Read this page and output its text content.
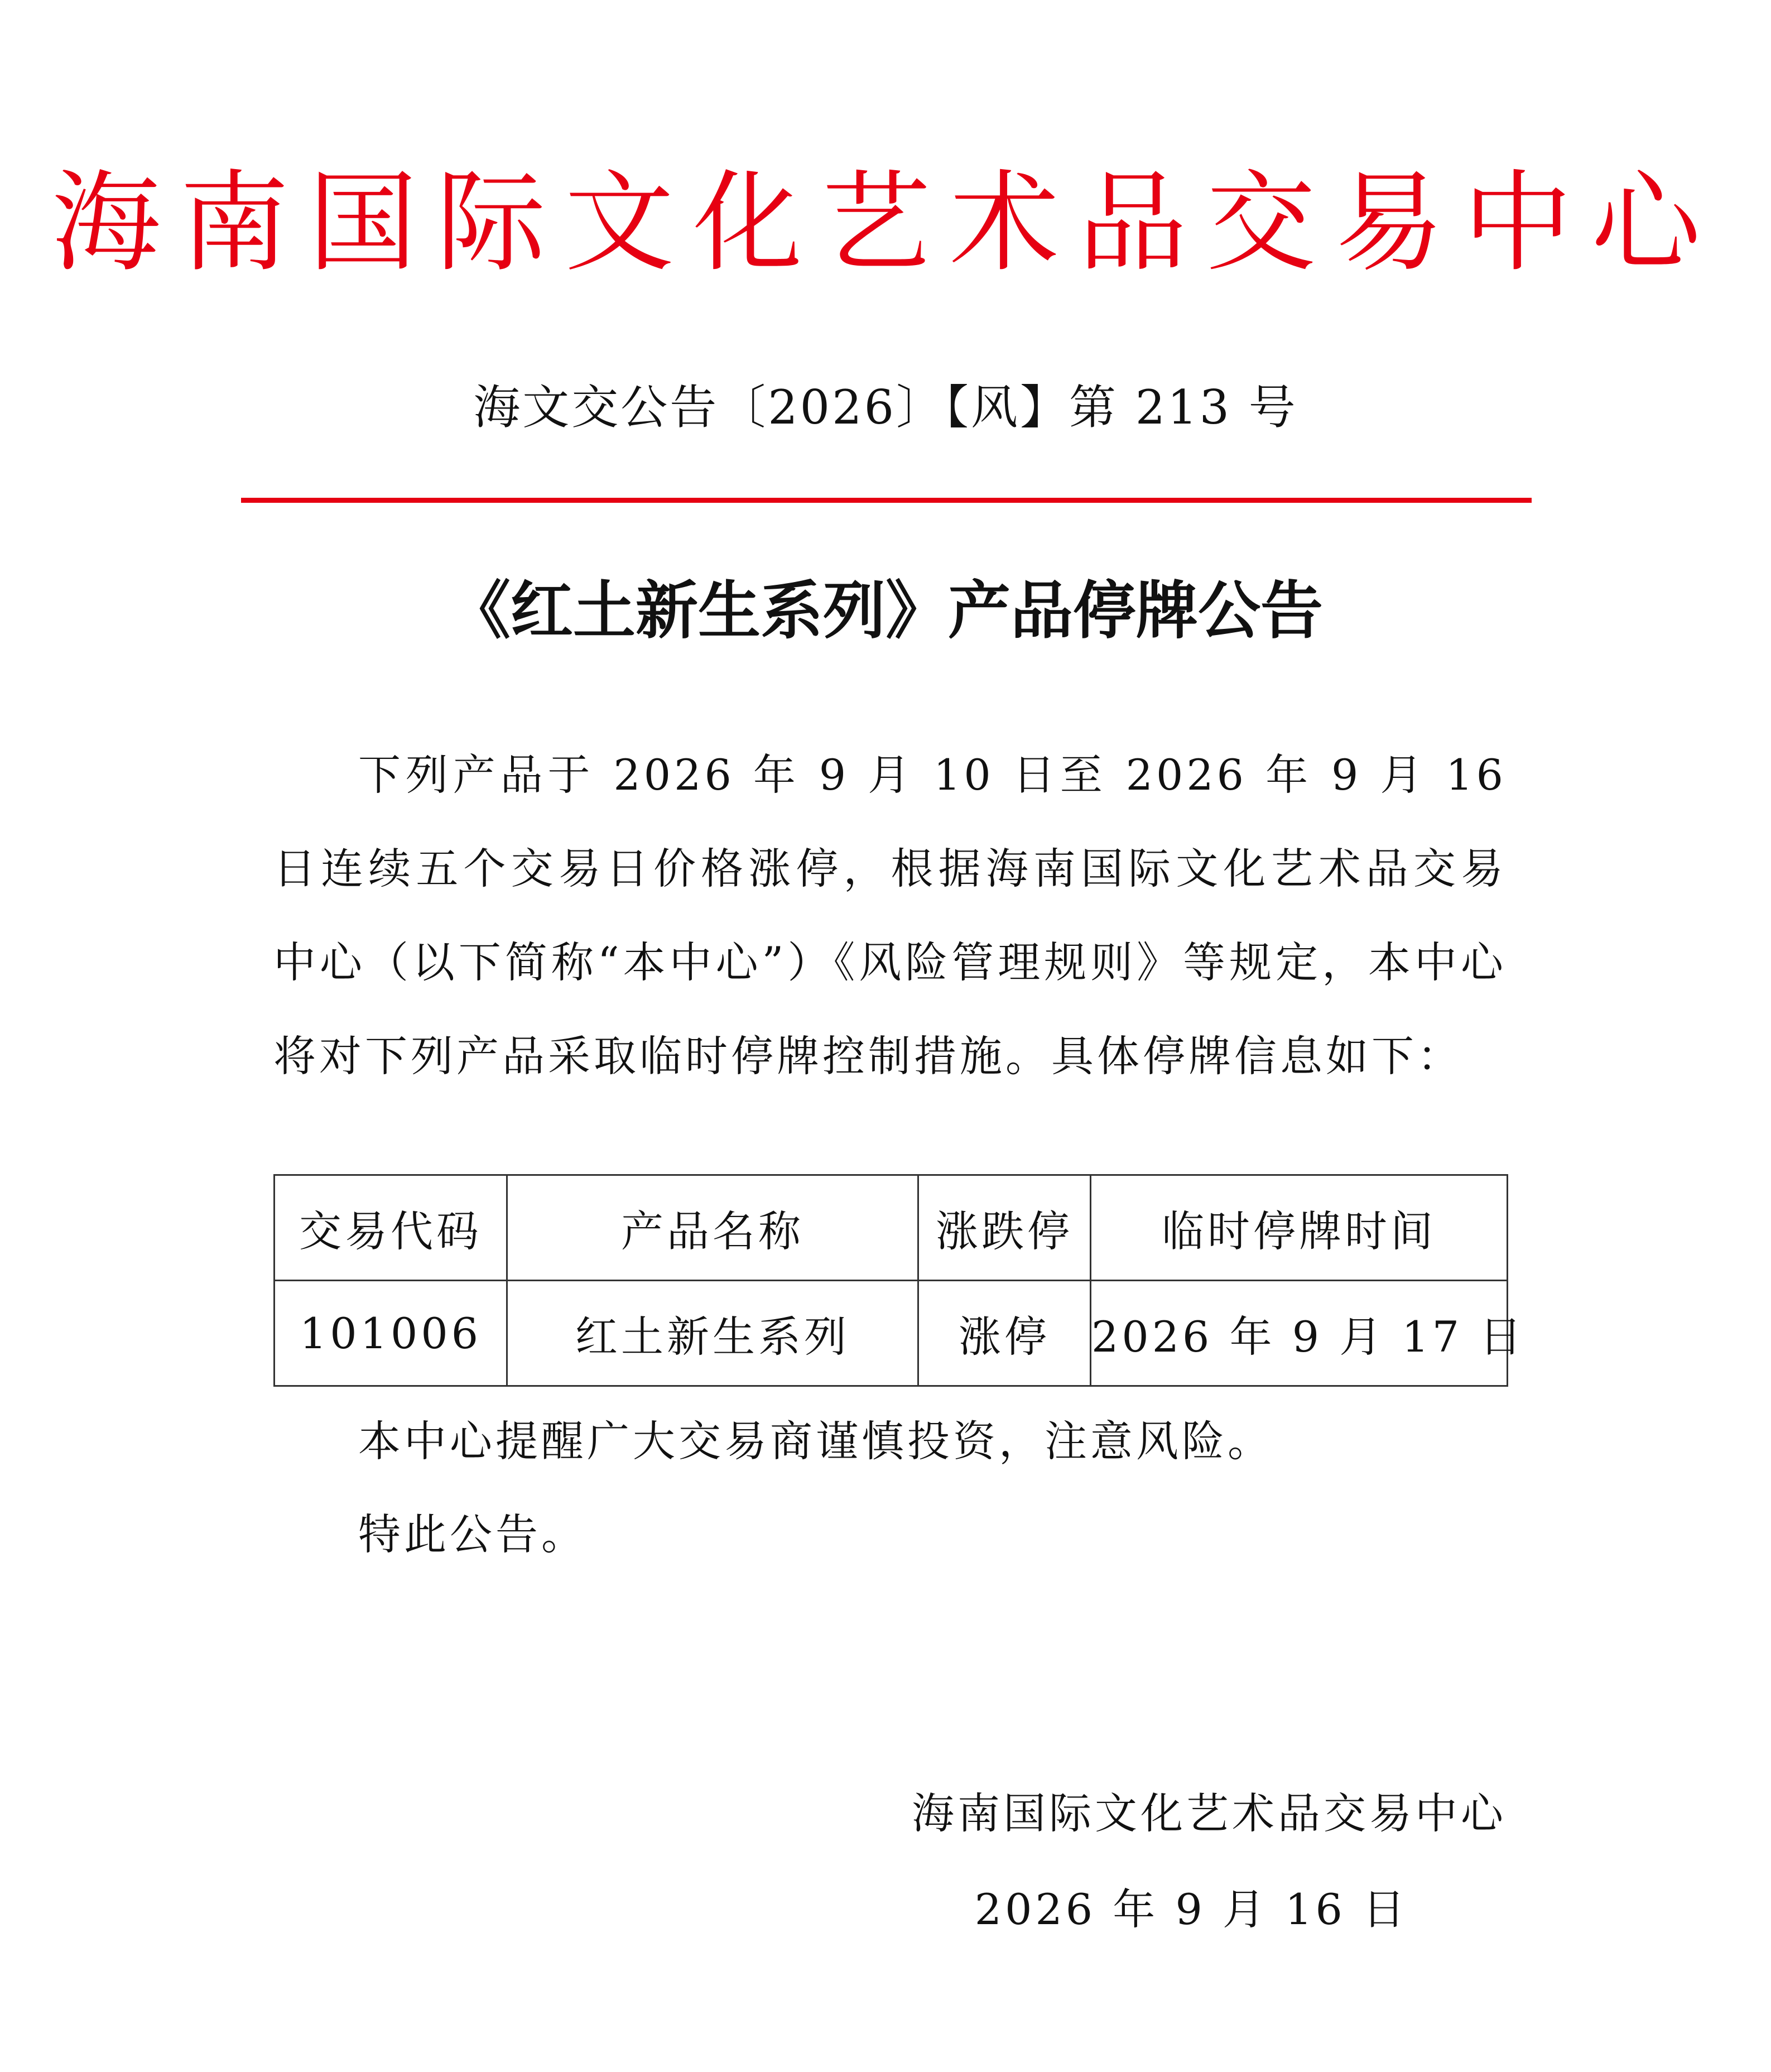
海南国际文化艺术品交易中心
海文交公告〔2026〕【风】第 213 号
《红土新生系列》产品停牌公告

下列产品于 2026 年 9 月 10 日至 2026 年 9 月 16 日连续五个交易日价格涨停，根据海南国际文化艺术品交易中心（以下简称“本中心”）《风险管理规则》等规定，本中心将对下列产品采取临时停牌控制措施。具体停牌信息如下：

交易代码	产品名称	涨跌停	临时停牌时间
101006	红土新生系列	涨停	2026 年 9 月 17 日
本中心提醒广大交易商谨慎投资，注意风险。
特此公告。
海南国际文化艺术品交易中心
2026 年 9 月 16 日
